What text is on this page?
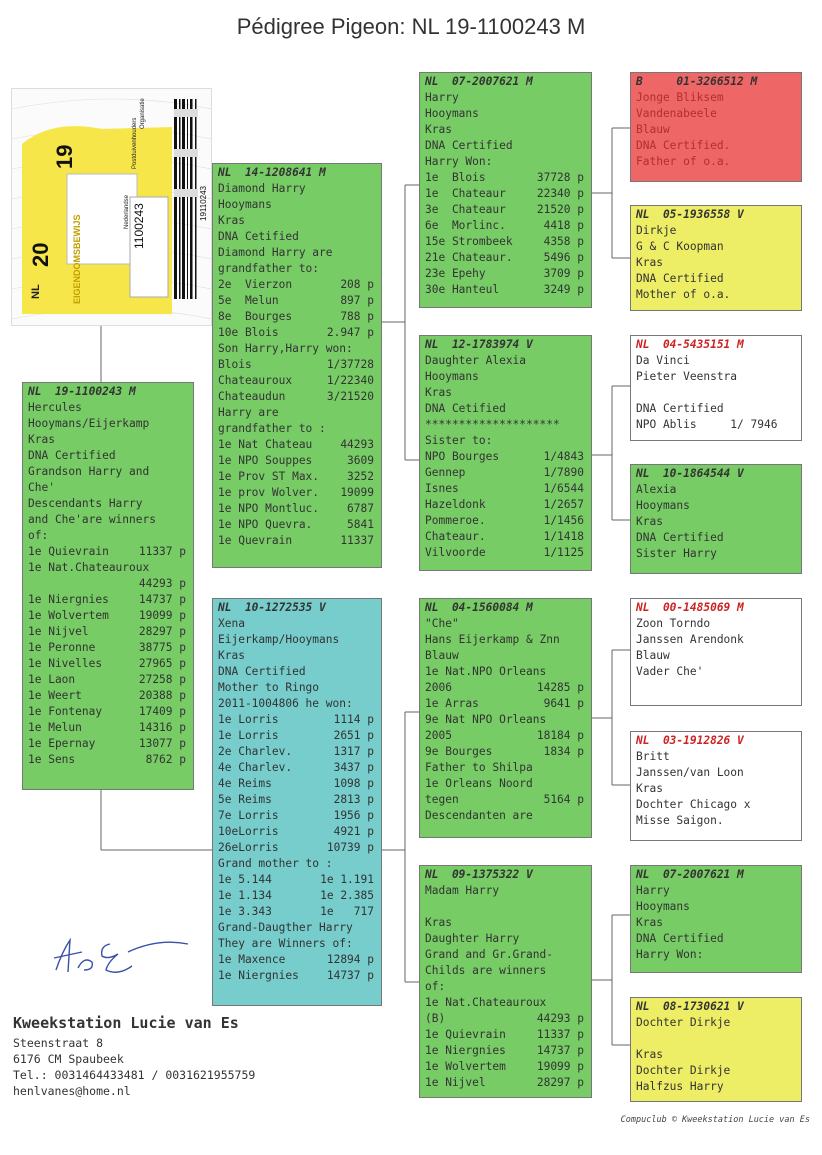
Pédigree Pigeon: NL 19-1100243 M
20
19
NL
1100243	19110243
EIGENDOMSBEWIJS
Nederlandse
Postduivenhouders
Organisatie
NL  19-1100243 M
Hercules
Hooymans/Eijerkamp
Kras
DNA Certified
Grandson Harry and
Che'
Descendants Harry
and Che'are winners
of:
1e Quievrain	11337 p
1e Nat.Chateauroux
44293 p
1e Niergnies	14737 p
1e Wolvertem	19099 p
1e Nijvel	28297 p
1e Peronne	38775 p
1e Nivelles	27965 p
1e Laon	27258 p
1e Weert	20388 p
1e Fontenay	17409 p
1e Melun	14316 p
1e Epernay	13077 p
1e Sens	8762 p
NL  14-1208641 M
Diamond Harry
Hooymans
Kras
DNA Cetified
Diamond Harry are
grandfather to:
2e  Vierzon	208 p
5e  Melun	897 p
8e  Bourges	788 p
10e Blois	2.947 p
Son Harry,Harry won:
Blois	1/37728
Chateauroux	1/22340
Chateaudun	3/21520
Harry are
grandfather to :
1e Nat Chateau	44293
1e NPO Souppes	3609
1e Prov ST Max.	3252
1e prov Wolver. 19099
1e NPO Montluc.	6787
1e NPO Quevra.	5841
1e Quevrain	11337
NL  10-1272535 V
Xena
Eijerkamp/Hooymans
Kras
DNA Certified
Mother to Ringo
2011-1004806 he won:
1e Lorris	1114 p
1e Lorris	2651 p
2e Charlev.	1317 p
4e Charlev.	3437 p
4e Reims	1098 p
5e Reims	2813 p
7e Lorris	1956 p
10eLorris	4921 p
26eLorris	10739 p
Grand mother to :
1e 5.144	1e 1.191
1e 1.134	1e 2.385
1e 3.343	1e   717
Grand-Daugther Harry
They are Winners of:
1e Maxence	12894 p
1e Niergnies	14737 p
NL  07-2007621 M
Harry
Hooymans
Kras
DNA Certified
Harry Won:
1e  Blois	37728 p
1e  Chateaur	22340 p
3e  Chateaur	21520 p
6e  Morlinc.	4418 p
15e Strombeek	4358 p
21e Chateaur.	5496 p
23e Epehy	3709 p
30e Hanteul	3249 p
NL  12-1783974 V
Daughter Alexia
Hooymans
Kras
DNA Cetified
********************
Sister to:
NPO Bourges	1/4843
Gennep	1/7890
Isnes	1/6544
Hazeldonk	1/2657
Pommeroe.	1/1456
Chateaur.	1/1418
Vilvoorde	1/1125
NL  04-1560084 M
"Che"
Hans Eijerkamp & Znn
Blauw
1e Nat.NPO Orleans
2006	14285 p
1e Arras	9641 p
9e Nat NPO Orleans
2005	18184 p
9e Bourges	1834 p
Father to Shilpa
1e Orleans Noord
tegen	5164 p
Descendanten are
NL  09-1375322 V
Madam Harry
Kras
Daughter Harry
Grand and Gr.Grand-
Childs are winners
of:
1e Nat.Chateauroux
(B)	44293 p
1e Quievrain	11337 p
1e Niergnies	14737 p
1e Wolvertem	19099 p
1e Nijvel	28297 p
B     01-3266512 M
Jonge Bliksem
Vandenabeele
Blauw
DNA Certified.
Father of o.a.
NL  05-1936558 V
Dirkje
G & C Koopman
Kras
DNA Certified
Mother of o.a.
NL  04-5435151 M
Da Vinci
Pieter Veenstra
DNA Certified
NPO Ablis     1/ 7946
NL  10-1864544 V
Alexia
Hooymans
Kras
DNA Certified
Sister Harry
NL  00-1485069 M
Zoon Torndo
Janssen Arendonk
Blauw
Vader Che'
NL  03-1912826 V
Britt
Janssen/van Loon
Kras
Dochter Chicago x
Misse Saigon.
NL  07-2007621 M
Harry
Hooymans
Kras
DNA Certified
Harry Won:
NL  08-1730621 V
Dochter Dirkje
Kras
Dochter Dirkje
Halfzus Harry
Kweekstation Lucie van Es
Steenstraat 8
6176 CM Spaubeek
Tel.: 0031464433481 / 0031621955759
henlvanes@home.nl
Compuclub © Kweekstation Lucie van Es
